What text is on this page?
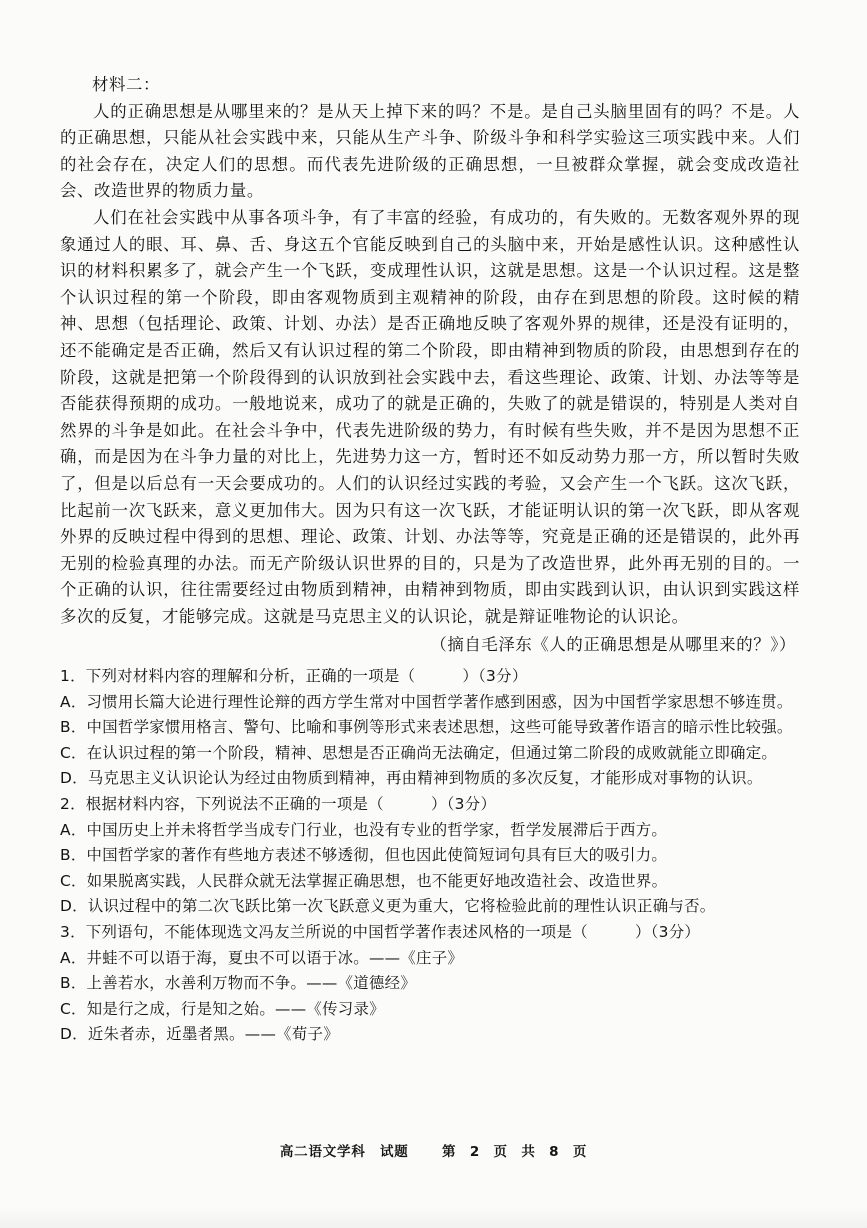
材料二：

人的正确思想是从哪里来的？是从天上掉下来的吗？不是。是自己头脑里固有的吗？不是。人的正确思想，只能从社会实践中来，只能从生产斗争、阶级斗争和科学实验这三项实践中来。人们的社会存在，决定人们的思想。而代表先进阶级的正确思想，一旦被群众掌握，就会变成改造社会、改造世界的物质力量。

人们在社会实践中从事各项斗争，有了丰富的经验，有成功的，有失败的。无数客观外界的现象通过人的眼、耳、鼻、舌、身这五个官能反映到自己的头脑中来，开始是感性认识。这种感性认识的材料积累多了，就会产生一个飞跃，变成理性认识，这就是思想。这是一个认识过程。这是整个认识过程的第一个阶段，即由客观物质到主观精神的阶段，由存在到思想的阶段。这时候的精神、思想（包括理论、政策、计划、办法）是否正确地反映了客观外界的规律，还是没有证明的，还不能确定是否正确，然后又有认识过程的第二个阶段，即由精神到物质的阶段，由思想到存在的阶段，这就是把第一个阶段得到的认识放到社会实践中去，看这些理论、政策、计划、办法等等是否能获得预期的成功。一般地说来，成功了的就是正确的，失败了的就是错误的，特别是人类对自然界的斗争是如此。在社会斗争中，代表先进阶级的势力，有时候有些失败，并不是因为思想不正确，而是因为在斗争力量的对比上，先进势力这一方，暂时还不如反动势力那一方，所以暂时失败了，但是以后总有一天会要成功的。人们的认识经过实践的考验，又会产生一个飞跃。这次飞跃，比起前一次飞跃来，意义更加伟大。因为只有这一次飞跃，才能证明认识的第一次飞跃，即从客观外界的反映过程中得到的思想、理论、政策、计划、办法等等，究竟是正确的还是错误的，此外再无别的检验真理的办法。而无产阶级认识世界的目的，只是为了改造世界，此外再无别的目的。一个正确的认识，往往需要经过由物质到精神，由精神到物质，即由实践到认识，由认识到实践这样多次的反复，才能够完成。这就是马克思主义的认识论，就是辩证唯物论的认识论。

（摘自毛泽东《人的正确思想是从哪里来的？》）

1．下列对材料内容的理解和分析，正确的一项是（　　　）（3分）

A．习惯用长篇大论进行理性论辩的西方学生常对中国哲学著作感到困惑，因为中国哲学家思想不够连贯。

B．中国哲学家惯用格言、警句、比喻和事例等形式来表述思想，这些可能导致著作语言的暗示性比较强。

C．在认识过程的第一个阶段，精神、思想是否正确尚无法确定，但通过第二阶段的成败就能立即确定。

D．马克思主义认识论认为经过由物质到精神，再由精神到物质的多次反复，才能形成对事物的认识。

2．根据材料内容，下列说法不正确的一项是（　　　）（3分）

A．中国历史上并未将哲学当成专门行业，也没有专业的哲学家，哲学发展滞后于西方。

B．中国哲学家的著作有些地方表述不够透彻，但也因此使简短词句具有巨大的吸引力。

C．如果脱离实践，人民群众就无法掌握正确思想，也不能更好地改造社会、改造世界。

D．认识过程中的第二次飞跃比第一次飞跃意义更为重大，它将检验此前的理性认识正确与否。

3．下列语句，不能体现选文冯友兰所说的中国哲学著作表述风格的一项是（　　　）（3分）

A．井蛙不可以语于海，夏虫不可以语于冰。——《庄子》

B．上善若水，水善利万物而不争。——《道德经》

C．知是行之成，行是知之始。——《传习录》

D．近朱者赤，近墨者黑。——《荀子》

高二语文学科　试题 第 2 页 共 8 页
